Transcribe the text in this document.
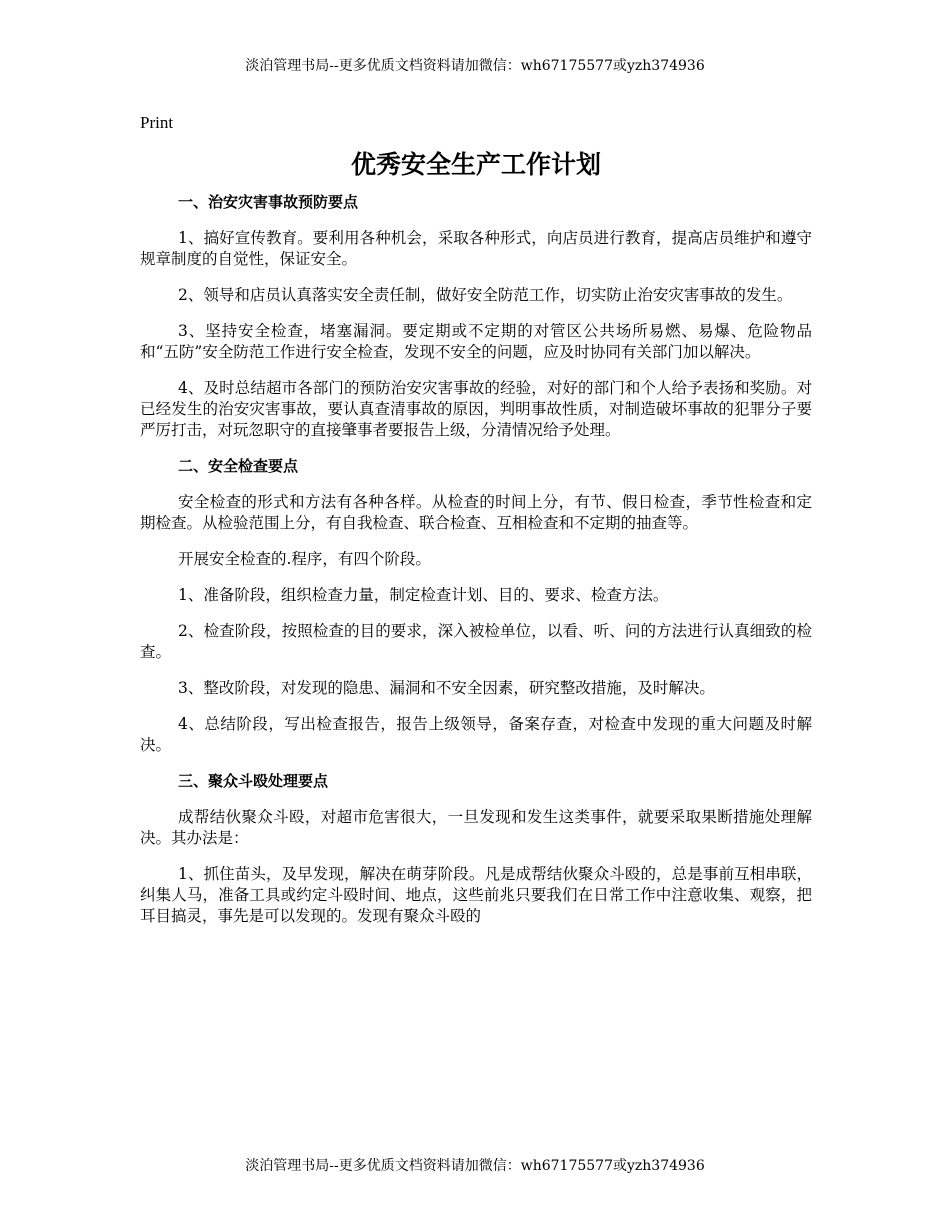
淡泊管理书局--更多优质文档资料请加微信：wh67175577或yzh374936
Print
优秀安全生产工作计划
一、治安灾害事故预防要点

1、搞好宣传教育。要利用各种机会，采取各种形式，向店员进行教育，提高店员维护和遵守规章制度的自觉性，保证安全。

2、领导和店员认真落实安全责任制，做好安全防范工作，切实防止治安灾害事故的发生。

3、坚持安全检查，堵塞漏洞。要定期或不定期的对管区公共场所易燃、易爆、危险物品和“五防”安全防范工作进行安全检查，发现不安全的问题，应及时协同有关部门加以解决。

4、及时总结超市各部门的预防治安灾害事故的经验，对好的部门和个人给予表扬和奖励。对已经发生的治安灾害事故，要认真查清事故的原因，判明事故性质，对制造破坏事故的犯罪分子要严厉打击，对玩忽职守的直接肇事者要报告上级，分清情况给予处理。

二、安全检查要点

安全检查的形式和方法有各种各样。从检查的时间上分，有节、假日检查，季节性检查和定期检查。从检验范围上分，有自我检查、联合检查、互相检查和不定期的抽查等。

开展安全检查的.程序，有四个阶段。

1、准备阶段，组织检查力量，制定检查计划、目的、要求、检查方法。

2、检查阶段，按照检查的目的要求，深入被检单位，以看、听、问的方法进行认真细致的检查。

3、整改阶段，对发现的隐患、漏洞和不安全因素，研究整改措施，及时解决。

4、总结阶段，写出检查报告，报告上级领导，备案存查，对检查中发现的重大问题及时解决。

三、聚众斗殴处理要点

成帮结伙聚众斗殴，对超市危害很大，一旦发现和发生这类事件，就要采取果断措施处理解决。其办法是：

1、抓住苗头，及早发现，解决在萌芽阶段。凡是成帮结伙聚众斗殴的，总是事前互相串联，纠集人马，准备工具或约定斗殴时间、地点，这些前兆只要我们在日常工作中注意收集、观察，把耳目搞灵，事先是可以发现的。发现有聚众斗殴的

淡泊管理书局--更多优质文档资料请加微信：wh67175577或yzh374936
